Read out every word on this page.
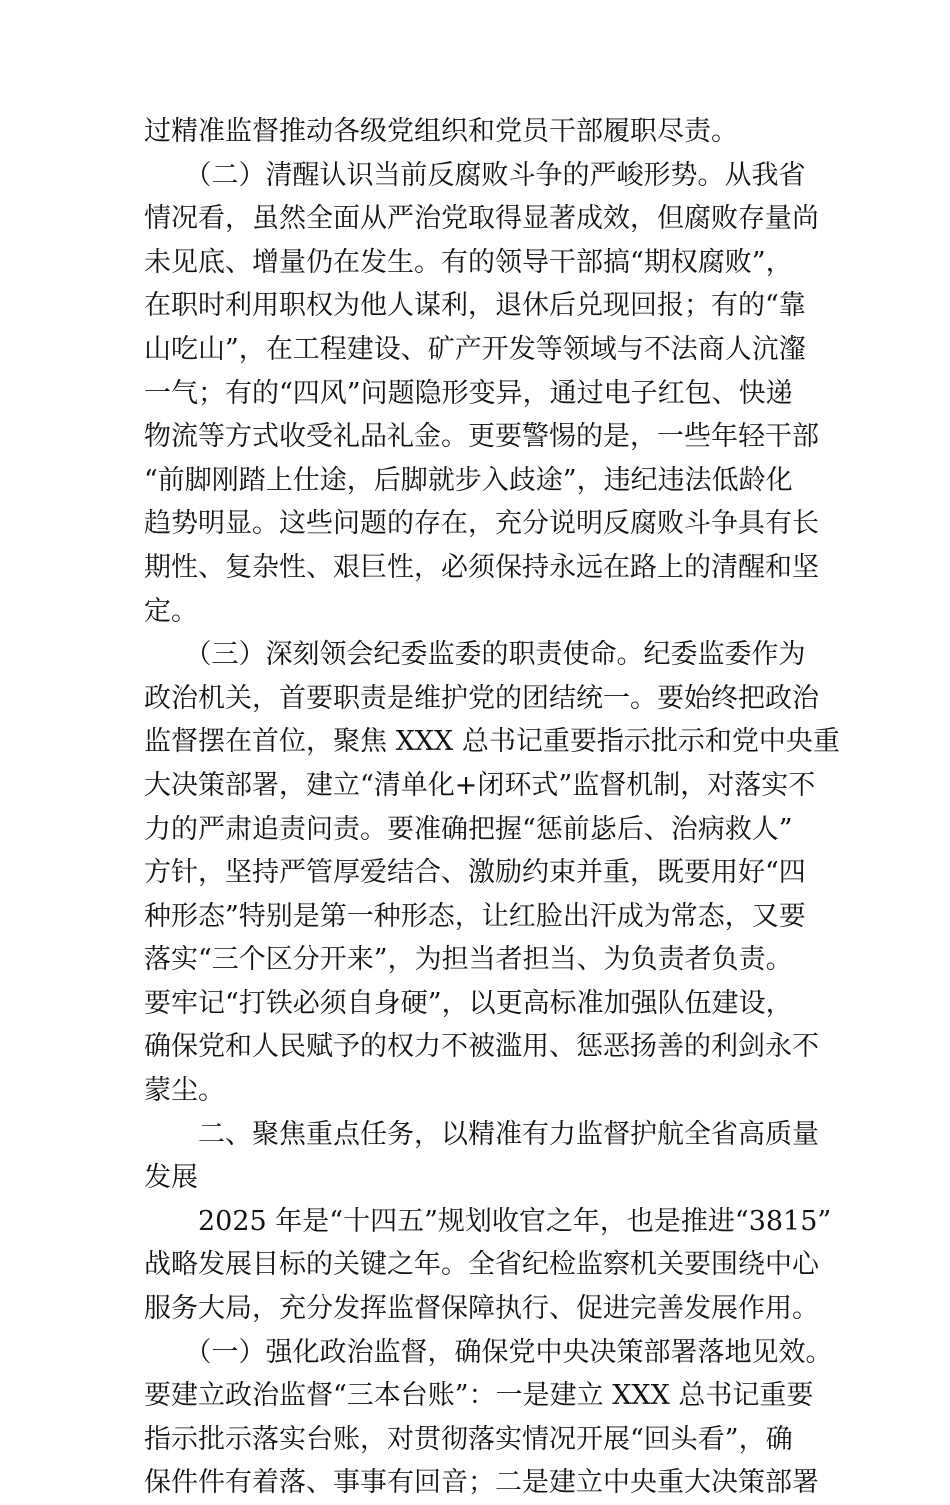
过精准监督推动各级党组织和党员干部履职尽责。
　　（二）清醒认识当前反腐败斗争的严峻形势。从我省
情况看，虽然全面从严治党取得显著成效，但腐败存量尚
未见底、增量仍在发生。有的领导干部搞“期权腐败”，
在职时利用职权为他人谋利，退休后兑现回报；有的“靠
山吃山”，在工程建设、矿产开发等领域与不法商人沆瀣
一气；有的“四风”问题隐形变异，通过电子红包、快递
物流等方式收受礼品礼金。更要警惕的是，一些年轻干部
“前脚刚踏上仕途，后脚就步入歧途”，违纪违法低龄化
趋势明显。这些问题的存在，充分说明反腐败斗争具有长
期性、复杂性、艰巨性，必须保持永远在路上的清醒和坚
定。
　　（三）深刻领会纪委监委的职责使命。纪委监委作为
政治机关，首要职责是维护党的团结统一。要始终把政治
监督摆在首位，聚焦 XXX 总书记重要指示批示和党中央重
大决策部署，建立“清单化+闭环式”监督机制，对落实不
力的严肃追责问责。要准确把握“惩前毖后、治病救人”
方针，坚持严管厚爱结合、激励约束并重，既要用好“四
种形态”特别是第一种形态，让红脸出汗成为常态，又要
落实“三个区分开来”，为担当者担当、为负责者负责。
要牢记“打铁必须自身硬”，以更高标准加强队伍建设，
确保党和人民赋予的权力不被滥用、惩恶扬善的利剑永不
蒙尘。
　　二、聚焦重点任务，以精准有力监督护航全省高质量
发展
　　2025 年是“十四五”规划收官之年，也是推进“3815”
战略发展目标的关键之年。全省纪检监察机关要围绕中心
服务大局，充分发挥监督保障执行、促进完善发展作用。
　　（一）强化政治监督，确保党中央决策部署落地见效。
要建立政治监督“三本台账”：一是建立 XXX 总书记重要
指示批示落实台账，对贯彻落实情况开展“回头看”，确
保件件有着落、事事有回音；二是建立中央重大决策部署
